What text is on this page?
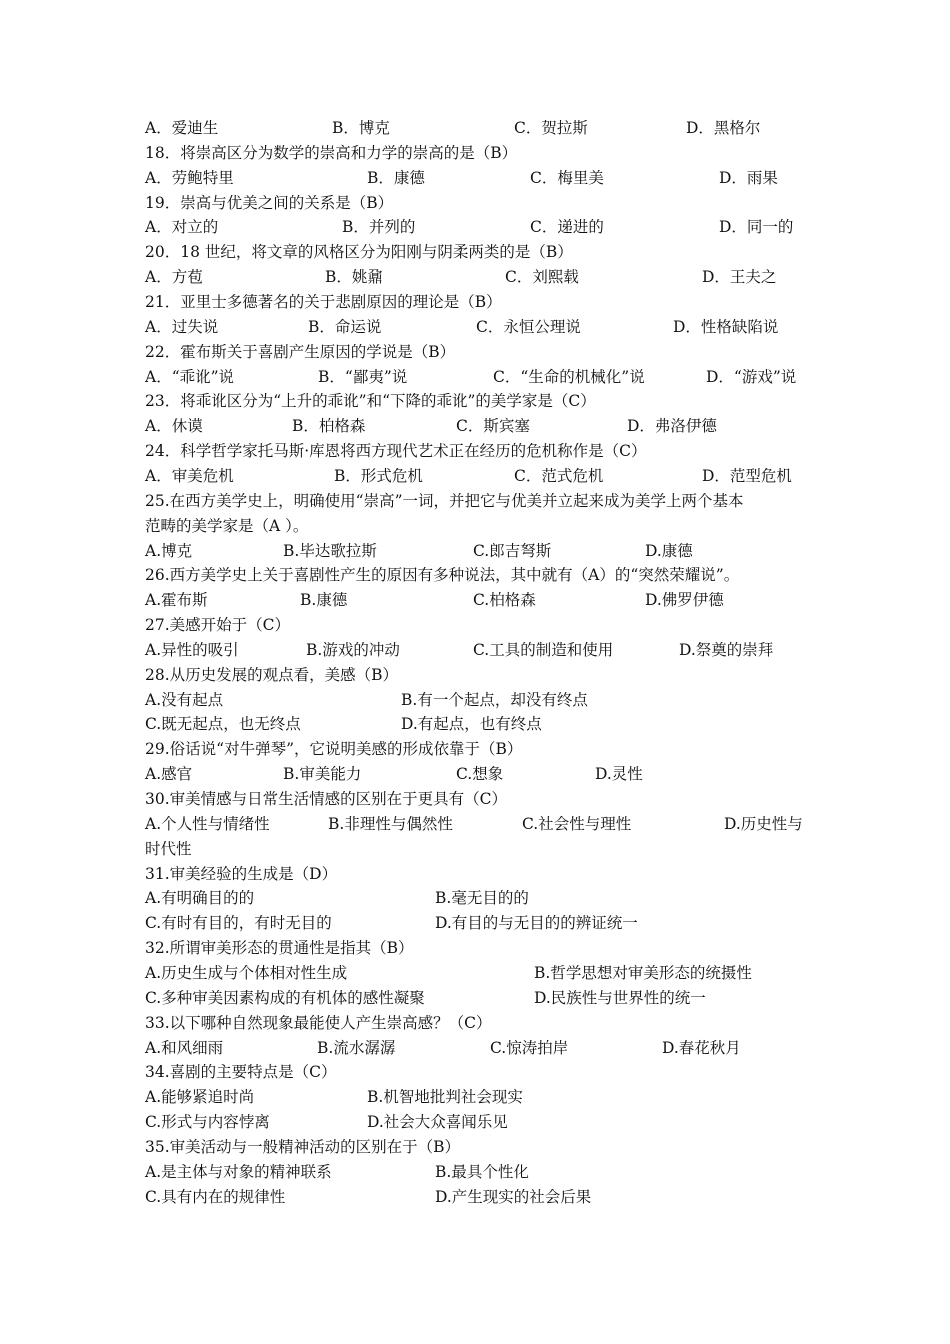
A．爱迪生	B．博克	C．贺拉斯	D．黑格尔
18．将崇高区分为数学的崇高和力学的崇高的是（B）
A．劳鲍特里	B．康德	C．梅里美	D．雨果
19．崇高与优美之间的关系是（B）
A．对立的	B．并列的	C．递进的	D．同一的
20．18 世纪，将文章的风格区分为阳刚与阴柔两类的是（B）
A．方苞	B．姚鼐	C．刘熙载	D．王夫之
21．亚里士多德著名的关于悲剧原因的理论是（B）
A．过失说	B．命运说	C．永恒公理说	D．性格缺陷说
22．霍布斯关于喜剧产生原因的学说是（B）
A．“乖讹”说	B．“鄙夷”说	C．“生命的机械化”说	D．“游戏”说
23．将乖讹区分为“上升的乖讹”和“下降的乖讹”的美学家是（C）
A．休谟	B．柏格森	C．斯宾塞	D．弗洛伊德
24．科学哲学家托马斯·库恩将西方现代艺术正在经历的危机称作是（C）
A．审美危机	B．形式危机	C．范式危机	D．范型危机
25.在西方美学史上，明确使用“崇高”一词，并把它与优美并立起来成为美学上两个基本
范畴的美学家是（A ）。
A.博克	B.毕达歌拉斯	C.郎吉弩斯	D.康德
26.西方美学史上关于喜剧性产生的原因有多种说法，其中就有（A）的“突然荣耀说”。
A.霍布斯	B.康德	C.柏格森	D.佛罗伊德
27.美感开始于（C）
A.异性的吸引	B.游戏的冲动	C.工具的制造和使用	D.祭奠的崇拜
28.从历史发展的观点看，美感（B）
A.没有起点	B.有一个起点，却没有终点
C.既无起点，也无终点	D.有起点，也有终点
29.俗话说“对牛弹琴”，它说明美感的形成依靠于（B）
A.感官	B.审美能力	C.想象	D.灵性
30.审美情感与日常生活情感的区别在于更具有（C）
A.个人性与情绪性	B.非理性与偶然性	C.社会性与理性	D.历史性与
时代性
31.审美经验的生成是（D）
A.有明确目的的	B.毫无目的的
C.有时有目的，有时无目的	D.有目的与无目的的辨证统一
32.所谓审美形态的贯通性是指其（B）
A.历史生成与个体相对性生成	B.哲学思想对审美形态的统摄性
C.多种审美因素构成的有机体的感性凝聚	D.民族性与世界性的统一
33.以下哪种自然现象最能使人产生崇高感？（C）
A.和风细雨	B.流水潺潺	C.惊涛拍岸	D.春花秋月
34.喜剧的主要特点是（C）
A.能够紧追时尚	B.机智地批判社会现实
C.形式与内容悖离	D.社会大众喜闻乐见
35.审美活动与一般精神活动的区别在于（B）
A.是主体与对象的精神联系	B.最具个性化
C.具有内在的规律性	D.产生现实的社会后果
